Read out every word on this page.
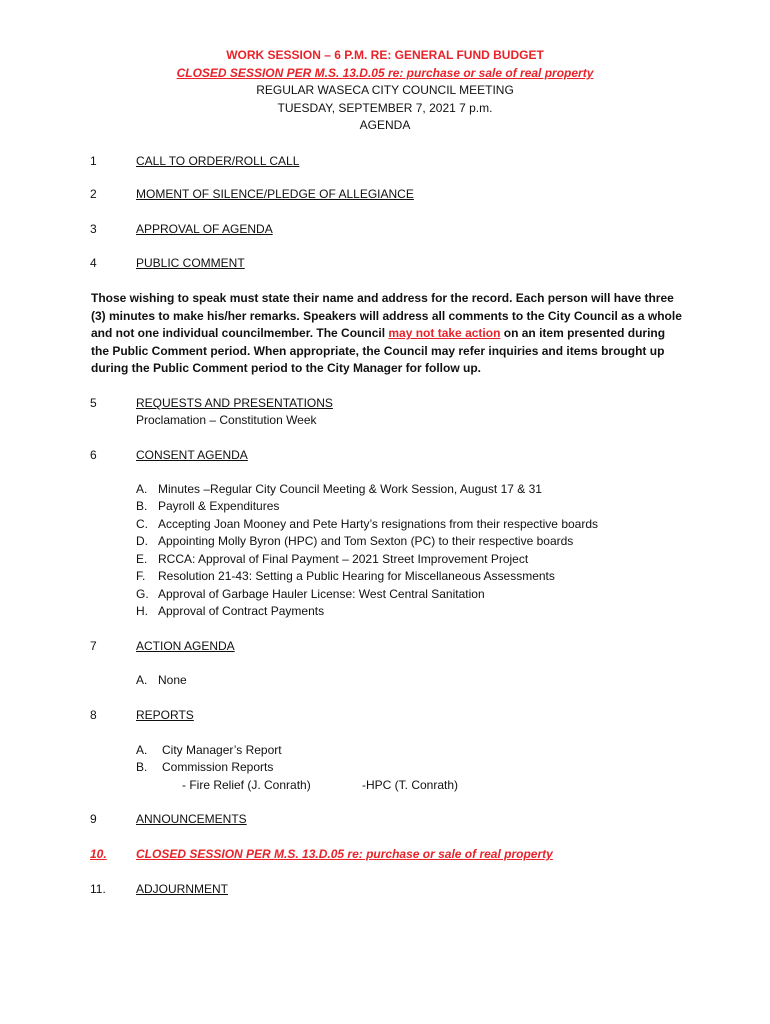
WORK SESSION – 6 P.M. RE: GENERAL FUND BUDGET
CLOSED SESSION PER M.S. 13.D.05 re: purchase or sale of real property
REGULAR WASECA CITY COUNCIL MEETING
TUESDAY, SEPTEMBER 7, 2021 7 p.m.
AGENDA
1	CALL TO ORDER/ROLL CALL
2	MOMENT OF SILENCE/PLEDGE OF ALLEGIANCE
3	APPROVAL OF AGENDA
4	PUBLIC COMMENT
Those wishing to speak must state their name and address for the record. Each person will have three (3) minutes to make his/her remarks. Speakers will address all comments to the City Council as a whole and not one individual councilmember. The Council may not take action on an item presented during the Public Comment period. When appropriate, the Council may refer inquiries and items brought up during the Public Comment period to the City Manager for follow up.
5	REQUESTS AND PRESENTATIONS
Proclamation – Constitution Week
6	CONSENT AGENDA
A. Minutes –Regular City Council Meeting & Work Session, August 17 & 31
B. Payroll & Expenditures
C. Accepting Joan Mooney and Pete Harty’s resignations from their respective boards
D. Appointing Molly Byron (HPC) and Tom Sexton (PC) to their respective boards
E. RCCA: Approval of Final Payment – 2021 Street Improvement Project
F. Resolution 21-43: Setting a Public Hearing for Miscellaneous Assessments
G. Approval of Garbage Hauler License: West Central Sanitation
H. Approval of Contract Payments
7	ACTION AGENDA
A. None
8	REPORTS
A. City Manager’s Report
B. Commission Reports
- Fire Relief (J. Conrath)	-HPC (T. Conrath)
9	ANNOUNCEMENTS
10. CLOSED SESSION PER M.S. 13.D.05 re: purchase or sale of real property
11.	ADJOURNMENT
